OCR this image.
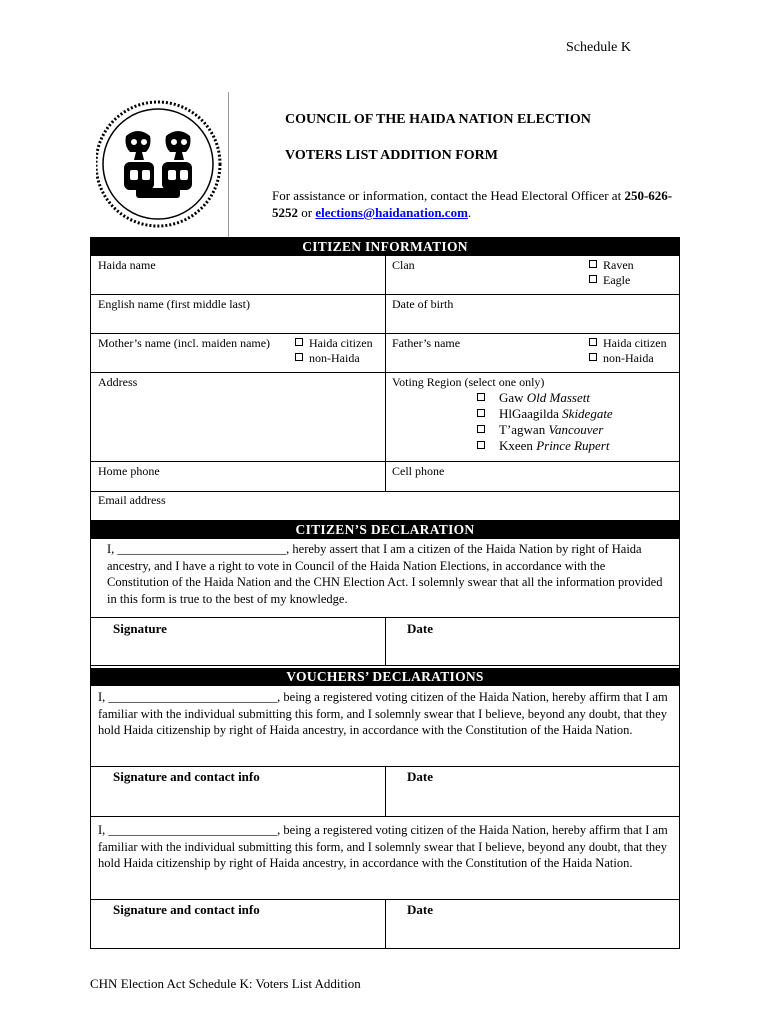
Schedule K
COUNCIL OF THE HAIDA NATION ELECTION
VOTERS LIST ADDITION FORM
For assistance or information, contact the Head Electoral Officer at 250-626-5252 or elections@haidanation.com.
CITIZEN INFORMATION
Haida name	Clan	Raven
Eagle
English name (first middle last)	Date of birth
Mother’s name (incl. maiden name)	Haida citizen
non-Haida
Father’s name	Haida citizen
non-Haida
Address	Voting Region (select one only)
Gaw Old Massett
HlGaagilda Skidegate
T’agwan Vancouver
Kxeen Prince Rupert
Home phone	Cell phone
Email address
CITIZEN’S DECLARATION
I, ___________________________, hereby assert that I am a citizen of the Haida Nation by right of Haida ancestry, and I have a right to vote in Council of the Haida Nation Elections, in accordance with the Constitution of the Haida Nation and the CHN Election Act. I solemnly swear that all the information provided in this form is true to the best of my knowledge.
Signature	Date
VOUCHERS’ DECLARATIONS
I, ___________________________, being a registered voting citizen of the Haida Nation, hereby affirm that I am familiar with the individual submitting this form, and I solemnly swear that I believe, beyond any doubt, that they hold Haida citizenship by right of Haida ancestry, in accordance with the Constitution of the Haida Nation.
Signature and contact info	Date
I, ___________________________, being a registered voting citizen of the Haida Nation, hereby affirm that I am familiar with the individual submitting this form, and I solemnly swear that I believe, beyond any doubt, that they hold Haida citizenship by right of Haida ancestry, in accordance with the Constitution of the Haida Nation.
Signature and contact info	Date
CHN Election Act Schedule K: Voters List Addition
